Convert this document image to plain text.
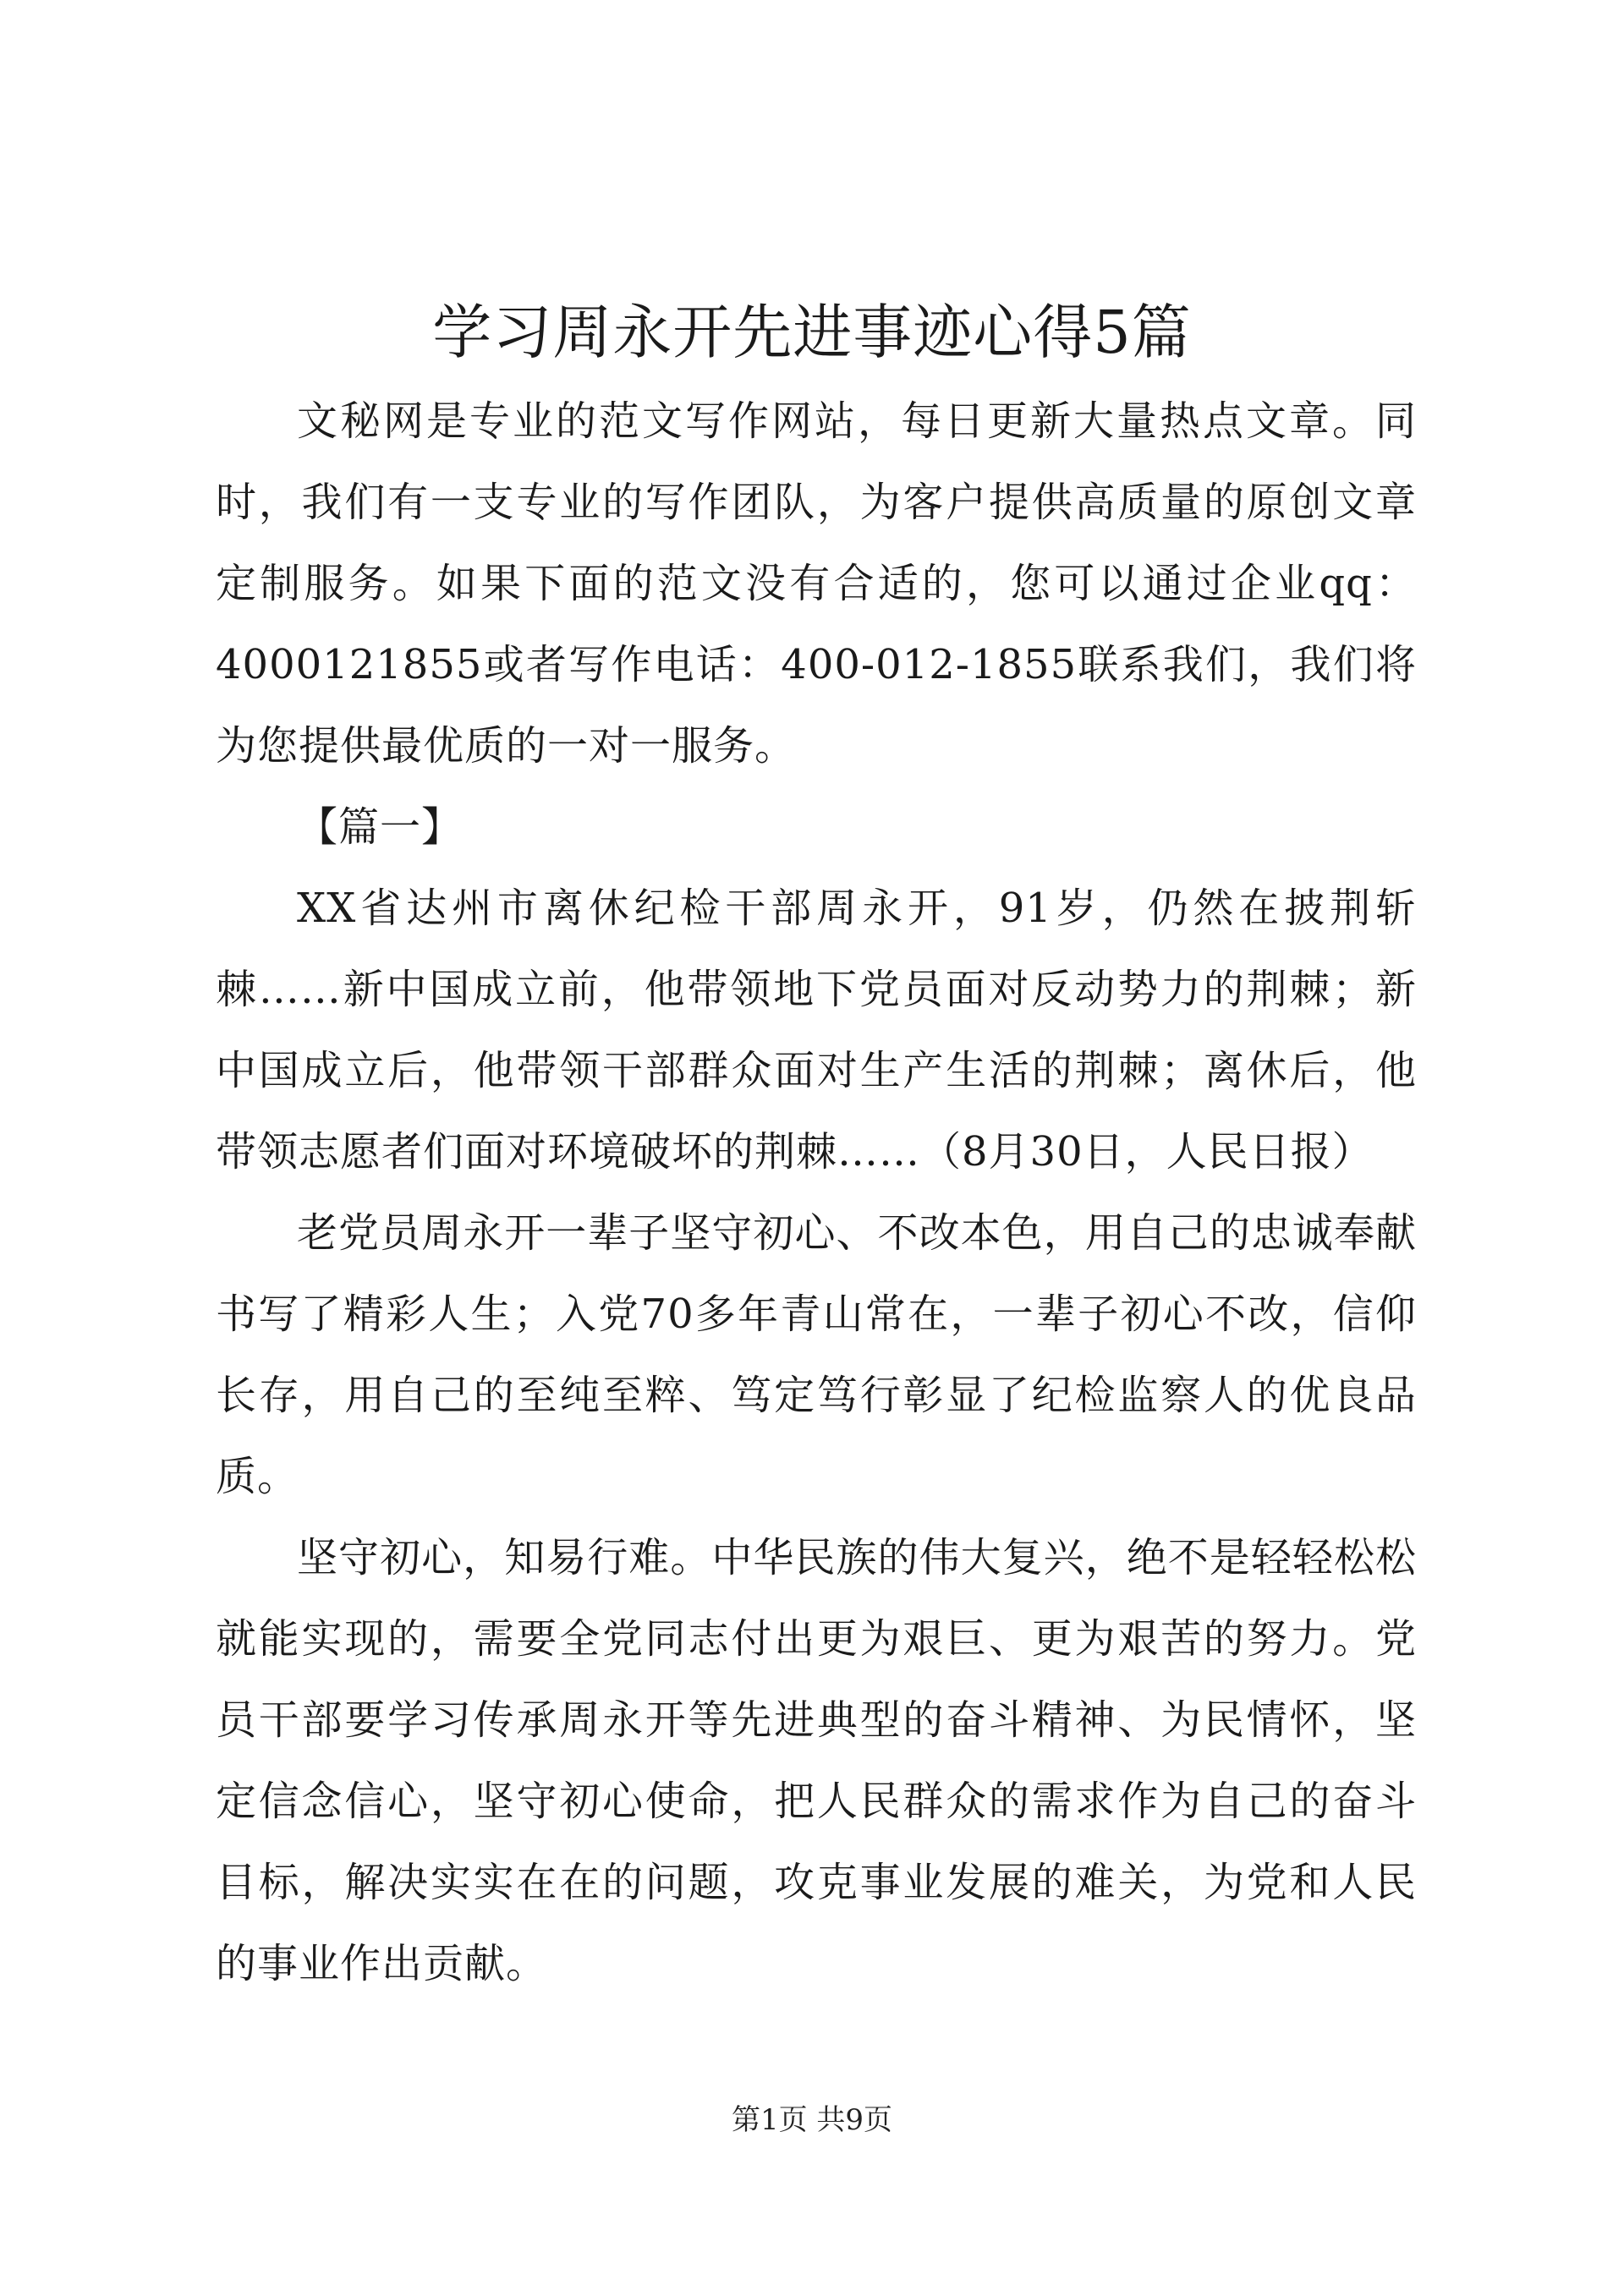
学习周永开先进事迹心得5篇

文秘网是专业的范文写作网站，每日更新大量热点文章。同时，我们有一支专业的写作团队，为客户提供高质量的原创文章定制服务。如果下面的范文没有合适的，您可以通过企业qq：4000121855或者写作电话：400-012-1855联系我们，我们将为您提供最优质的一对一服务。

【篇一】

XX省达州市离休纪检干部周永开，91岁，仍然在披荆斩棘……新中国成立前，他带领地下党员面对反动势力的荆棘；新中国成立后，他带领干部群众面对生产生活的荆棘；离休后，他带领志愿者们面对环境破坏的荆棘……（8月30日，人民日报）

老党员周永开一辈子坚守初心、不改本色，用自己的忠诚奉献书写了精彩人生；入党70多年青山常在，一辈子初心不改，信仰长存，用自己的至纯至粹、笃定笃行彰显了纪检监察人的优良品质。

坚守初心，知易行难。中华民族的伟大复兴，绝不是轻轻松松就能实现的，需要全党同志付出更为艰巨、更为艰苦的努力。党员干部要学习传承周永开等先进典型的奋斗精神、为民情怀，坚定信念信心，坚守初心使命，把人民群众的需求作为自己的奋斗目标，解决实实在在的问题，攻克事业发展的难关，为党和人民的事业作出贡献。

第1页 共9页
